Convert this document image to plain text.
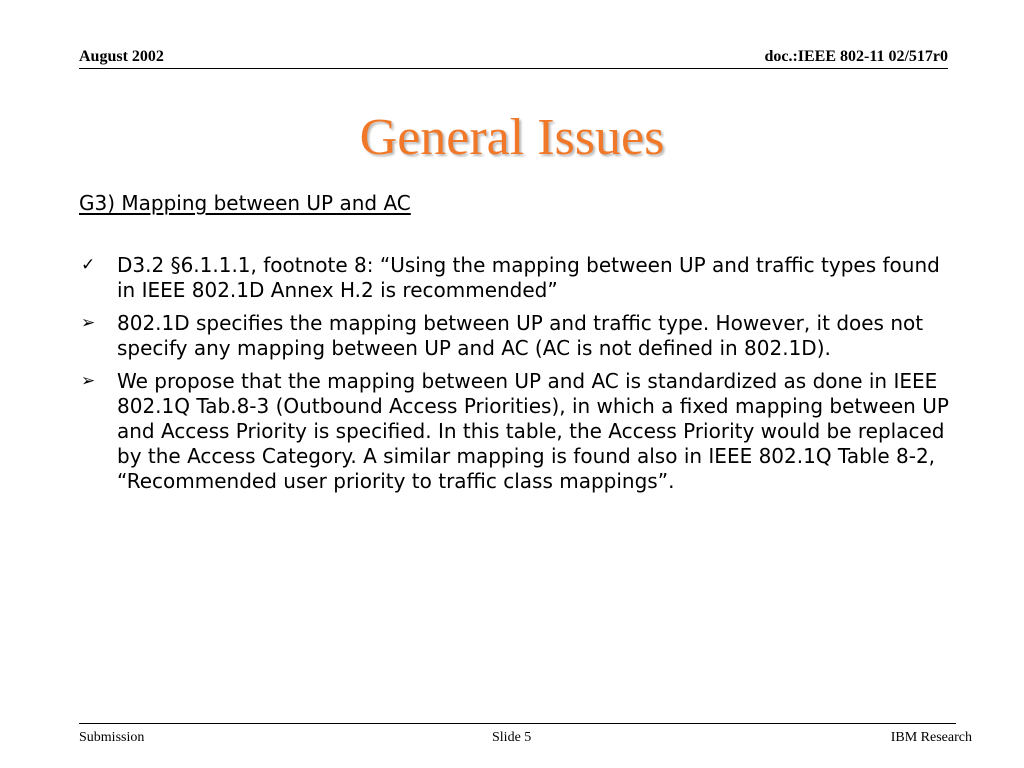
August 2002	doc.:IEEE 802-11 02/517r0
General Issues
G3) Mapping between UP and AC
✓ D3.2 §6.1.1.1, footnote 8: “Using the mapping between UP and traffic types found in IEEE 802.1D Annex H.2 is recommended”
➢ 802.1D specifies the mapping between UP and traffic type. However, it does not specify any mapping between UP and AC (AC is not defined in 802.1D).
➢ We propose that the mapping between UP and AC is standardized as done in IEEE 802.1Q Tab.8-3 (Outbound Access Priorities), in which a fixed mapping between UP and Access Priority is specified. In this table, the Access Priority would be replaced by the Access Category. A similar mapping is found also in IEEE 802.1Q Table 8-2, “Recommended user priority to traffic class mappings”.
Submission	Slide 5	IBM Research
